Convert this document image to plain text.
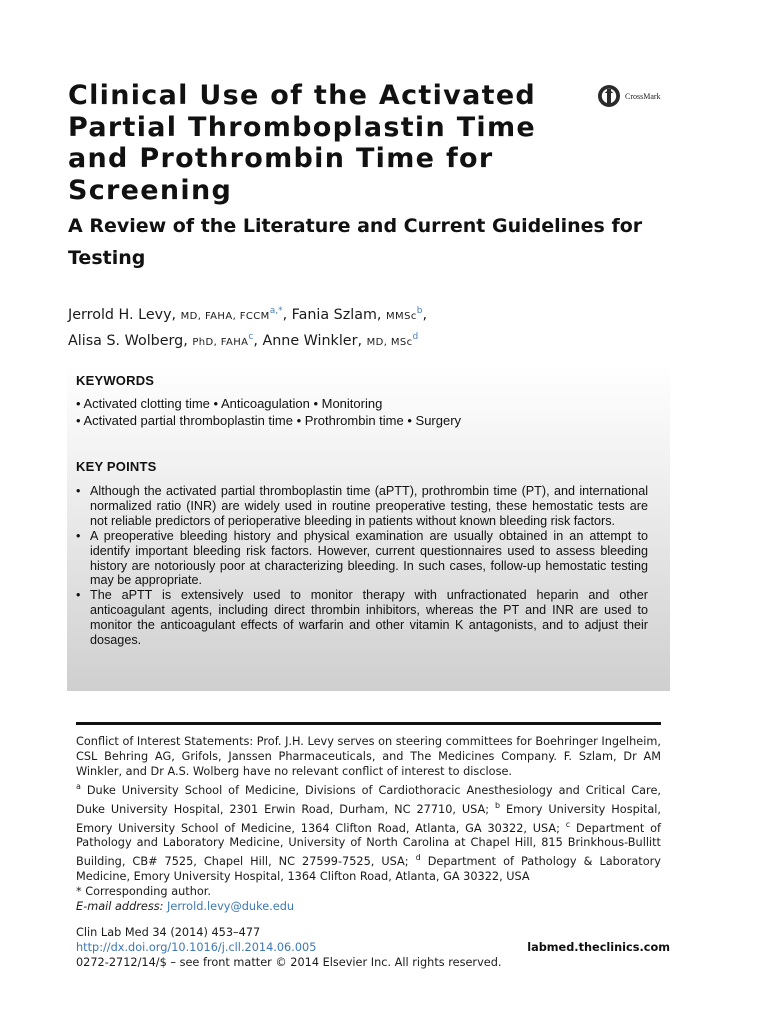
Clinical Use of the Activated Partial Thromboplastin Time and Prothrombin Time for Screening
CrossMark
A Review of the Literature and Current Guidelines for Testing
Jerrold H. Levy, MD, FAHA, $FCCM^{a,*}$, Fania Szlam, MMSc$^b$,
Alisa S. Wolberg, PhD, FAHA$^c$, Anne Winkler, MD, MSc$^d$
KEYWORDS
• Activated clotting time • Anticoagulation • Monitoring
• Activated partial thromboplastin time • Prothrombin time • Surgery
KEY POINTS
• Although the activated partial thromboplastin time (aPTT), prothrombin time (PT), and international normalized ratio (INR) are widely used in routine preoperative testing, these hemostatic tests are not reliable predictors of perioperative bleeding in patients without known bleeding risk factors.
• A preoperative bleeding history and physical examination are usually obtained in an attempt to identify important bleeding risk factors. However, current questionnaires used to assess bleeding history are notoriously poor at characterizing bleeding. In such cases, follow-up hemostatic testing may be appropriate.
• The aPTT is extensively used to monitor therapy with unfractionated heparin and other anticoagulant agents, including direct thrombin inhibitors, whereas the PT and INR are used to monitor the anticoagulant effects of warfarin and other vitamin K antagonists, and to adjust their dosages.

Conflict of Interest Statements: Prof. J.H. Levy serves on steering committees for Boehringer Ingelheim, CSL Behring AG, Grifols, Janssen Pharmaceuticals, and The Medicines Company. F. Szlam, Dr AM Winkler, and Dr A.S. Wolberg have no relevant conflict of interest to disclose.

$^a$ Duke University School of Medicine, Divisions of Cardiothoracic Anesthesiology and Critical Care, Duke University Hospital, 2301 Erwin Road, Durham, NC 27710, USA; $^b$ Emory University Hospital, Emory University School of Medicine, 1364 Clifton Road, Atlanta, GA 30322, USA; $^c$ Department of Pathology and Laboratory Medicine, University of North Carolina at Chapel Hill, 815 Brinkhous-Bullitt Building, CB# 7525, Chapel Hill, NC 27599-7525, USA; $^d$ Department of Pathology & Laboratory Medicine, Emory University Hospital, 1364 Clifton Road, Atlanta, GA 30322, USA

* Corresponding author.

E-mail address: Jerrold.levy@duke.edu

Clin Lab Med 34 (2014) 453–477
http://dx.doi.org/10.1016/j.cll.2014.06.005
0272-2712/14/$ – see front matter © 2014 Elsevier Inc. All rights reserved.
labmed.theclinics.com
